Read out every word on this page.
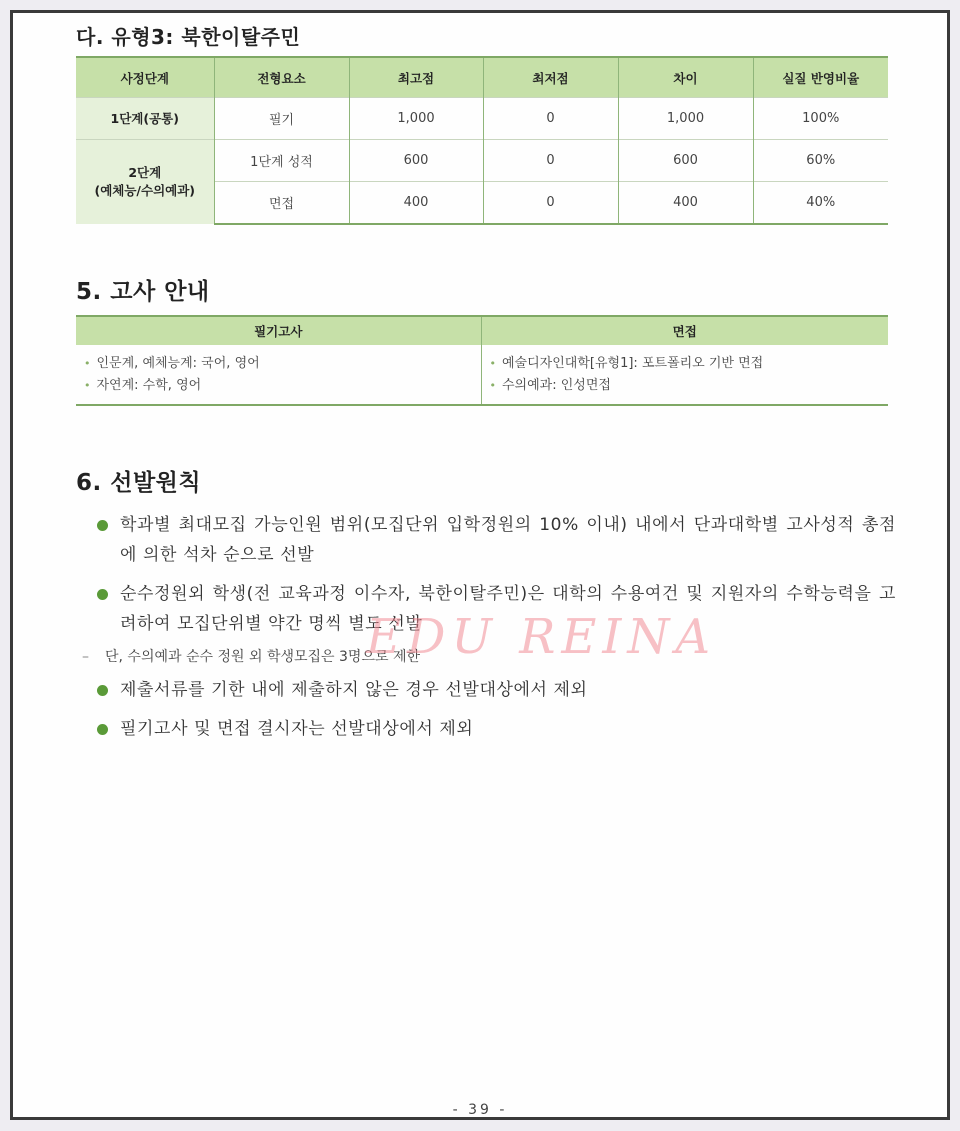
다. 유형3: 북한이탈주민
사정단계	전형요소	최고점	최저점	차이	실질 반영비율
1단계(공통)	필기	1,000	0	1,000	100%

2단계
(예체능/수의예과)	1단계 성적	600	0	600	60%
	면접	400	0	400	40%
5. 고사 안내
필기고사	면접

• 인문계, 예체능계: 국어, 영어
• 자연계: 수학, 영어

• 예술디자인대학[유형1]: 포트폴리오 기반 면접
• 수의예과: 인성면접
6. 선발원칙
학과별 최대모집 가능인원 범위(모집단위 입학정원의 10% 이내) 내에서 단과대학별 고사성적 총점에 의한 석차 순으로 선발
순수정원외 학생(전 교육과정 이수자, 북한이탈주민)은 대학의 수용여건 및 지원자의 수학능력을 고려하여 모집단위별 약간 명씩 별도 선발
– 단, 수의예과 순수 정원 외 학생모집은 3명으로 제한
제출서류를 기한 내에 제출하지 않은 경우 선발대상에서 제외
필기고사 및 면접 결시자는 선발대상에서 제외
EDU REINA
- 39 -
